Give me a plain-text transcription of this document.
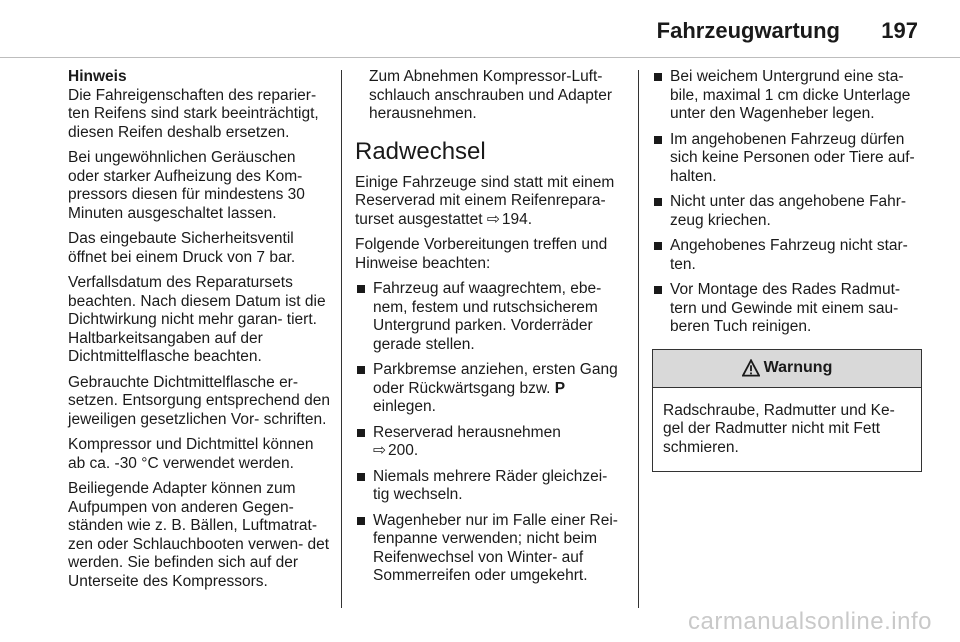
Fahrzeugwartung 197

Hinweis
Die Fahreigenschaften des reparier- ten Reifens sind stark beeinträchtigt, diesen Reifen deshalb ersetzen.

Bei ungewöhnlichen Geräuschen oder starker Aufheizung des Kom- pressors diesen für mindestens 30 Minuten ausgeschaltet lassen.

Das eingebaute Sicherheitsventil öffnet bei einem Druck von 7 bar.

Verfallsdatum des Reparatursets beachten. Nach diesem Datum ist die Dichtwirkung nicht mehr garan- tiert. Haltbarkeitsangaben auf der Dichtmittelflasche beachten.

Gebrauchte Dichtmittelflasche er- setzen. Entsorgung entsprechend den jeweiligen gesetzlichen Vor- schriften.

Kompressor und Dichtmittel können ab ca. -30 °C verwendet werden.

Beiliegende Adapter können zum Aufpumpen von anderen Gegen- ständen wie z. B. Bällen, Luftmatrat- zen oder Schlauchbooten verwen- det werden. Sie befinden sich auf der Unterseite des Kompressors.

Zum Abnehmen Kompressor-Luft- schlauch anschrauben und Adapter herausnehmen.

Radwechsel

Einige Fahrzeuge sind statt mit einem Reserverad mit einem Reifenrepara- turset ausgestattet ⇨ 194.

Folgende Vorbereitungen treffen und Hinweise beachten:

Fahrzeug auf waagrechtem, ebe- nem, festem und rutschsicherem Untergrund parken. Vorderräder gerade stellen.
Parkbremse anziehen, ersten Gang oder Rückwärtsgang bzw. P einlegen.
Reserverad herausnehmen
⇨ 200.
Niemals mehrere Räder gleichzei- tig wechseln.
Wagenheber nur im Falle einer Rei- fenpanne verwenden; nicht beim Reifenwechsel von Winter- auf Sommerreifen oder umgekehrt.
Bei weichem Untergrund eine sta- bile, maximal 1 cm dicke Unterlage unter den Wagenheber legen.
Im angehobenen Fahrzeug dürfen sich keine Personen oder Tiere auf- halten.
Nicht unter das angehobene Fahr- zeug kriechen.
Angehobenes Fahrzeug nicht star- ten.
Vor Montage des Rades Radmut- tern und Gewinde mit einem sau- beren Tuch reinigen.
Warnung
Radschraube, Radmutter und Ke- gel der Radmutter nicht mit Fett schmieren.
carmanualsonline.info
